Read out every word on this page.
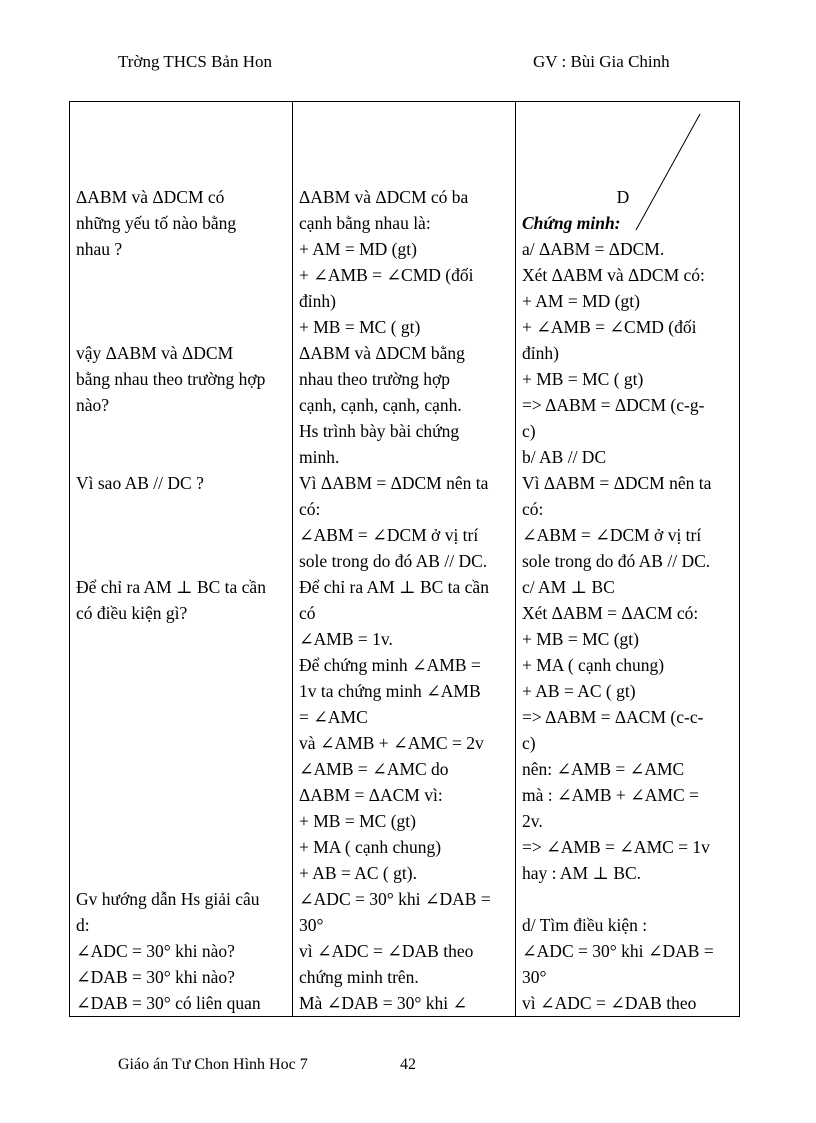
Trờng THCS Bản Hon	GV : Bùi Gia Chinh
ΔABM và ΔDCM có
những yếu tố nào bằng
nhau ?
vậy ΔABM và ΔDCM
bằng nhau theo trường hợp
nào?
Vì sao AB // DC ?
Để chỉ ra AM ⊥ BC ta cần
có điều kiện gì?
Gv hướng dẫn Hs giải câu
d:
∠ADC = 30° khi nào?
∠DAB = 30° khi nào?
∠DAB = 30° có liên quan

ΔABM và ΔDCM có ba
cạnh bằng nhau là:
+ AM = MD (gt)
+ ∠AMB = ∠CMD (đối
đỉnh)
+ MB = MC ( gt)
ΔABM và ΔDCM bằng
nhau theo trường hợp
cạnh, cạnh, cạnh, cạnh.
Hs trình bày bài chứng
minh.
Vì ΔABM = ΔDCM nên ta
có:
∠ABM = ∠DCM ở vị trí
sole trong do đó AB // DC.
Để chỉ ra AM ⊥ BC ta cần
có
∠AMB = 1v.
Để chứng minh ∠AMB =
1v ta chứng minh ∠AMB
= ∠AMC
và ∠AMB + ∠AMC = 2v
∠AMB = ∠AMC do
ΔABM = ΔACM vì:
+ MB = MC (gt)
+ MA ( cạnh chung)
+ AB = AC ( gt).
∠ADC = 30° khi ∠DAB =
30°
vì ∠ADC = ∠DAB theo
chứng minh trên.
Mà ∠DAB = 30° khi ∠

D
Chứng minh:
a/ ΔABM = ΔDCM.
Xét ΔABM và ΔDCM có:
+ AM = MD (gt)
+ ∠AMB = ∠CMD (đối
đỉnh)
+ MB = MC ( gt)
=> ΔABM = ΔDCM (c-g-
c)
b/ AB // DC
Vì ΔABM = ΔDCM nên ta
có:
∠ABM = ∠DCM ở vị trí
sole trong do đó AB // DC.
c/ AM ⊥ BC
Xét ΔABM = ΔACM có:
+ MB = MC (gt)
+ MA ( cạnh chung)
+ AB = AC ( gt)
=> ΔABM = ΔACM (c-c-
c)
nên: ∠AMB = ∠AMC
mà : ∠AMB + ∠AMC =
2v.
=> ∠AMB = ∠AMC = 1v
hay : AM ⊥ BC.
d/ Tìm điều kiện :
∠ADC = 30° khi ∠DAB =
30°
vì ∠ADC = ∠DAB theo
Giáo án Tư Chon Hình Hoc 7	42
